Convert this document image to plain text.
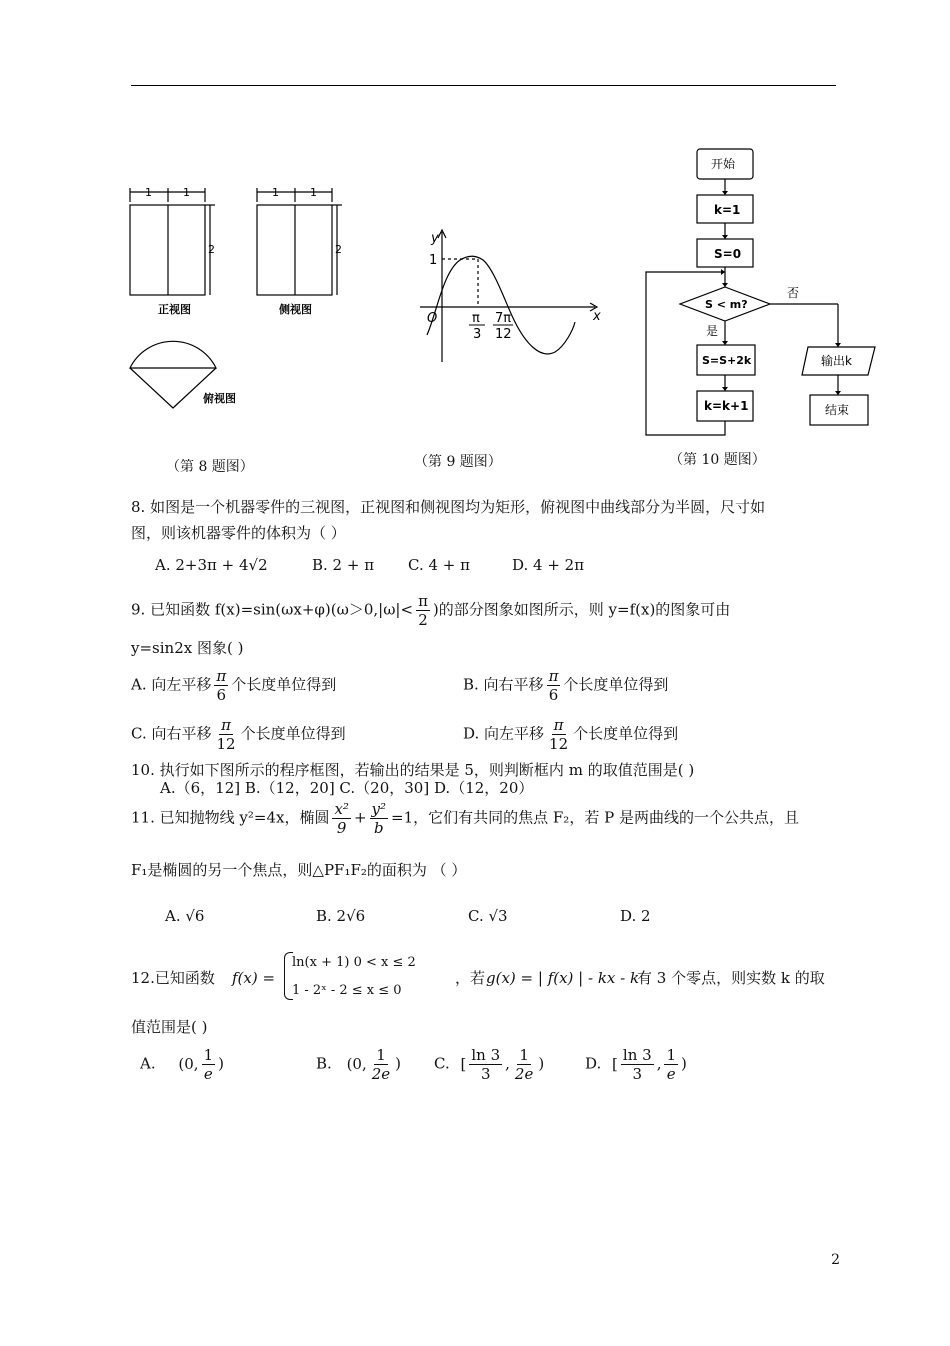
1	1
2
1	1
2
正视图	侧视图
俯视图
（第 8 题图）
y
x
O
1
π
3
7π
12
（第 9 题图）
开始
k=1
S=0
S < m?
否
是
S=S+2k
k=k+1
输出k
结束
（第 10 题图）
8. 如图是一个机器零件的三视图，正视图和侧视图均为矩形，俯视图中曲线部分为半圆，尺寸如
图，则该机器零件的体积为（ ）
A. 2+3π + 4√2	B. 2 + π C. 4 + π	D. 4 + 2π
9. 已知函数 $f(x)=\sin(\omega x+\varphi)(\omega>0,|\omega|< \frac{\pi}{2}$ )的部分图象如图所示，则 y=f(x)的图象可由
y=sin2x 图象( )
A. 向左平移 $\frac{\pi}{6}$ 个长度单位得到	B. 向右平移 $\frac{\pi}{6}$ 个长度单位得到
C. 向右平移 $\frac{\pi}{12}$ 个长度单位得到	D. 向左平移 $\frac{\pi}{12}$ 个长度单位得到
10. 执行如下图所示的程序框图，若输出的结果是 5，则判断框内 m 的取值范围是( )
A.（6，12] B.（12，20] C.（20，30] D.（12，20）
11. 已知抛物线 y²=4x，椭圆 $\frac{\text{x²}}{9} + \frac{\text{y²}}{b} =1$，它们有共同的焦点 F₂，若 P 是两曲线的一个公共点，且
F₁是椭圆的另一个焦点，则△PF₁F₂的面积为 （ ）
A. √6	B. 2√6	C. √3	D. 2
12.已知函数 f(x) =
ln(x + 1) 0 < x ≤ 2
1 - 2ˣ - 2 ≤ x ≤ 0
，若 g(x) = | f(x) | - kx - k
有 3 个零点，则实数 k 的取
值范围是( )
A. (0, $\frac{1}{e}$ )	B. (0, $\frac{1}{2e}$ ) C. [ $\frac{\ln 3}{3}$ , $\frac{1}{2e}$ )	D. [ $\frac{\ln 3}{3}$ , $\frac{1}{e}$ )
2
